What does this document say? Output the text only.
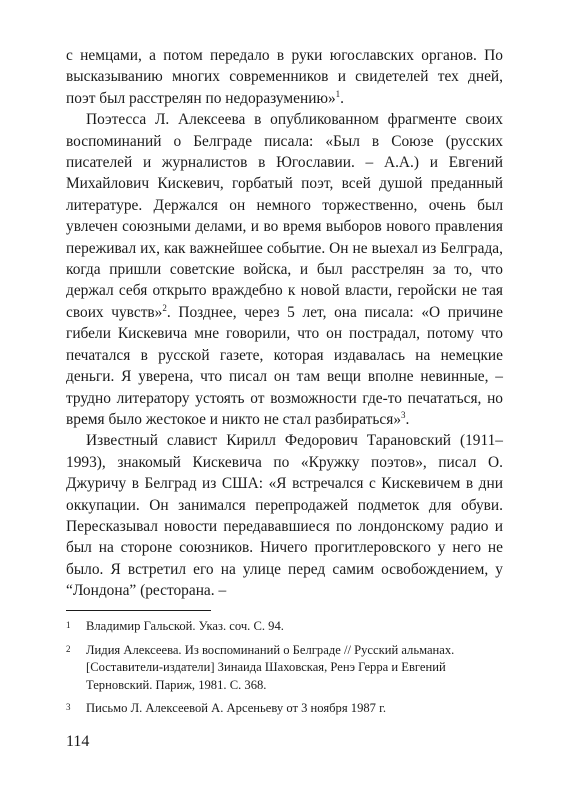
с немцами, а потом передало в руки югославских органов. По высказыванию многих современников и свидетелей тех дней, поэт был расстрелян по недоразумению»$^1$.

Поэтесса Л. Алексеева в опубликованном фрагменте своих воспоминаний о Белграде писала: «Был в Союзе (русских писателей и журналистов в Югославии. – А.А.) и Евгений Михайлович Кискевич, горбатый поэт, всей душой преданный литературе. Держался он немного торжественно, очень был увлечен союзными делами, и во время выборов нового правления переживал их, как важнейшее событие. Он не выехал из Белграда, когда пришли советские войска, и был расстрелян за то, что держал себя открыто враждебно к новой власти, геройски не тая своих чувств»$^2$. Позднее, через 5 лет, она писала: «О причине гибели Кискевича мне говорили, что он пострадал, потому что печатался в русской газете, которая издавалась на немецкие деньги. Я уверена, что писал он там вещи вполне невинные, – трудно литератору устоять от возможности где-то печататься, но время было жестокое и никто не стал разбираться»$^3$.

Известный славист Кирилл Федорович Тарановский (1911–1993), знакомый Кискевича по «Кружку поэтов», писал О. Джуричу в Белград из США: «Я встречался с Кискевичем в дни оккупации. Он занимался перепродажей подметок для обуви. Пересказывал новости передававшиеся по лондонскому радио и был на стороне союзников. Ничего прогитлеровского у него не было. Я встретил его на улице перед самим освобождением, у “Лондона” (ресторана. –

1	Владимир Гальской. Указ. соч. С. 94.
2	Лидия Алексеева. Из воспоминаний о Белграде // Русский альманах. [Составители-издатели] Зинаида Шаховская, Ренэ Герра и Евгений Терновский. Париж, 1981. С. 368.
3	Письмо Л. Алексеевой А. Арсеньеву от 3 ноября 1987 г.
114
